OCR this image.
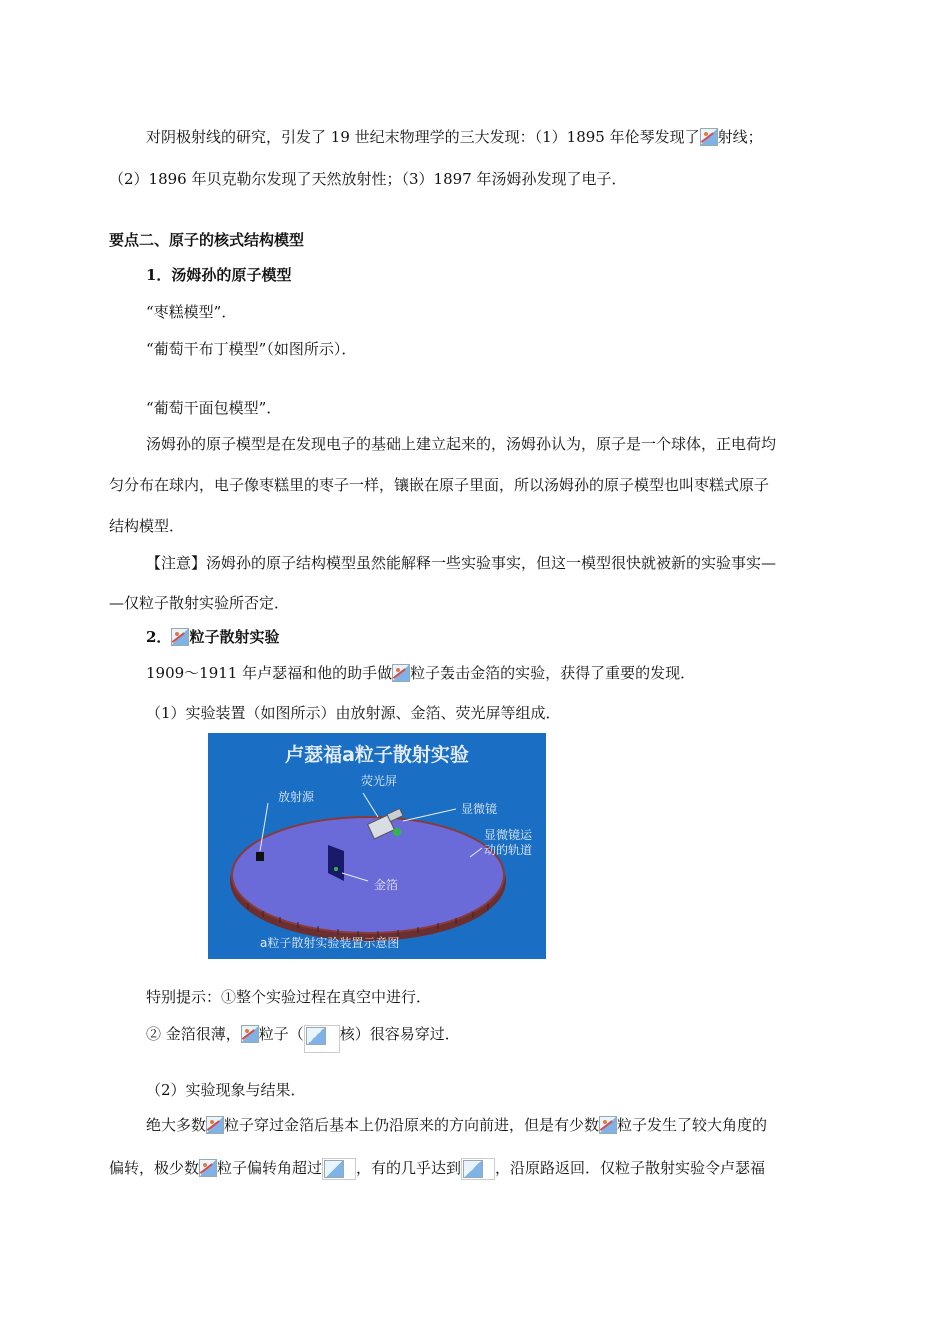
对阴极射线的研究，引发了 19 世纪末物理学的三大发现：（1）1895 年伦琴发现了 射线；
（2）1896 年贝克勒尔发现了天然放射性；（3）1897 年汤姆孙发现了电子．
要点二、原子的核式结构模型
1．汤姆孙的原子模型
“枣糕模型”．
“葡萄干布丁模型”（如图所示）．
“葡萄干面包模型”．
汤姆孙的原子模型是在发现电子的基础上建立起来的，汤姆孙认为，原子是一个球体，正电荷均
匀分布在球内，电子像枣糕里的枣子一样，镶嵌在原子里面，所以汤姆孙的原子模型也叫枣糕式原子
结构模型．
【注意】汤姆孙的原子结构模型虽然能解释一些实验事实，但这一模型很快就被新的实验事实—
—仅粒子散射实验所否定．
2． 粒子散射实验
1909～1911 年卢瑟福和他的助手做 粒子轰击金箔的实验，获得了重要的发现．
（1）实验装置（如图所示）由放射源、金箔、荧光屏等组成．
卢瑟福a粒子散射实验
荧光屏
显微镜
放射源
显微镜运
动的轨道
金箔
a粒子散射实验装置示意图
特别提示：①整个实验过程在真空中进行．
② 金箔很薄， 粒子（ 核）很容易穿过．
（2）实验现象与结果．
绝大多数 粒子穿过金箔后基本上仍沿原来的方向前进，但是有少数 粒子发生了较大角度的
偏转，极少数 粒子偏转角超过 ，有的几乎达到 ，沿原路返回．仅粒子散射实验令卢瑟福
